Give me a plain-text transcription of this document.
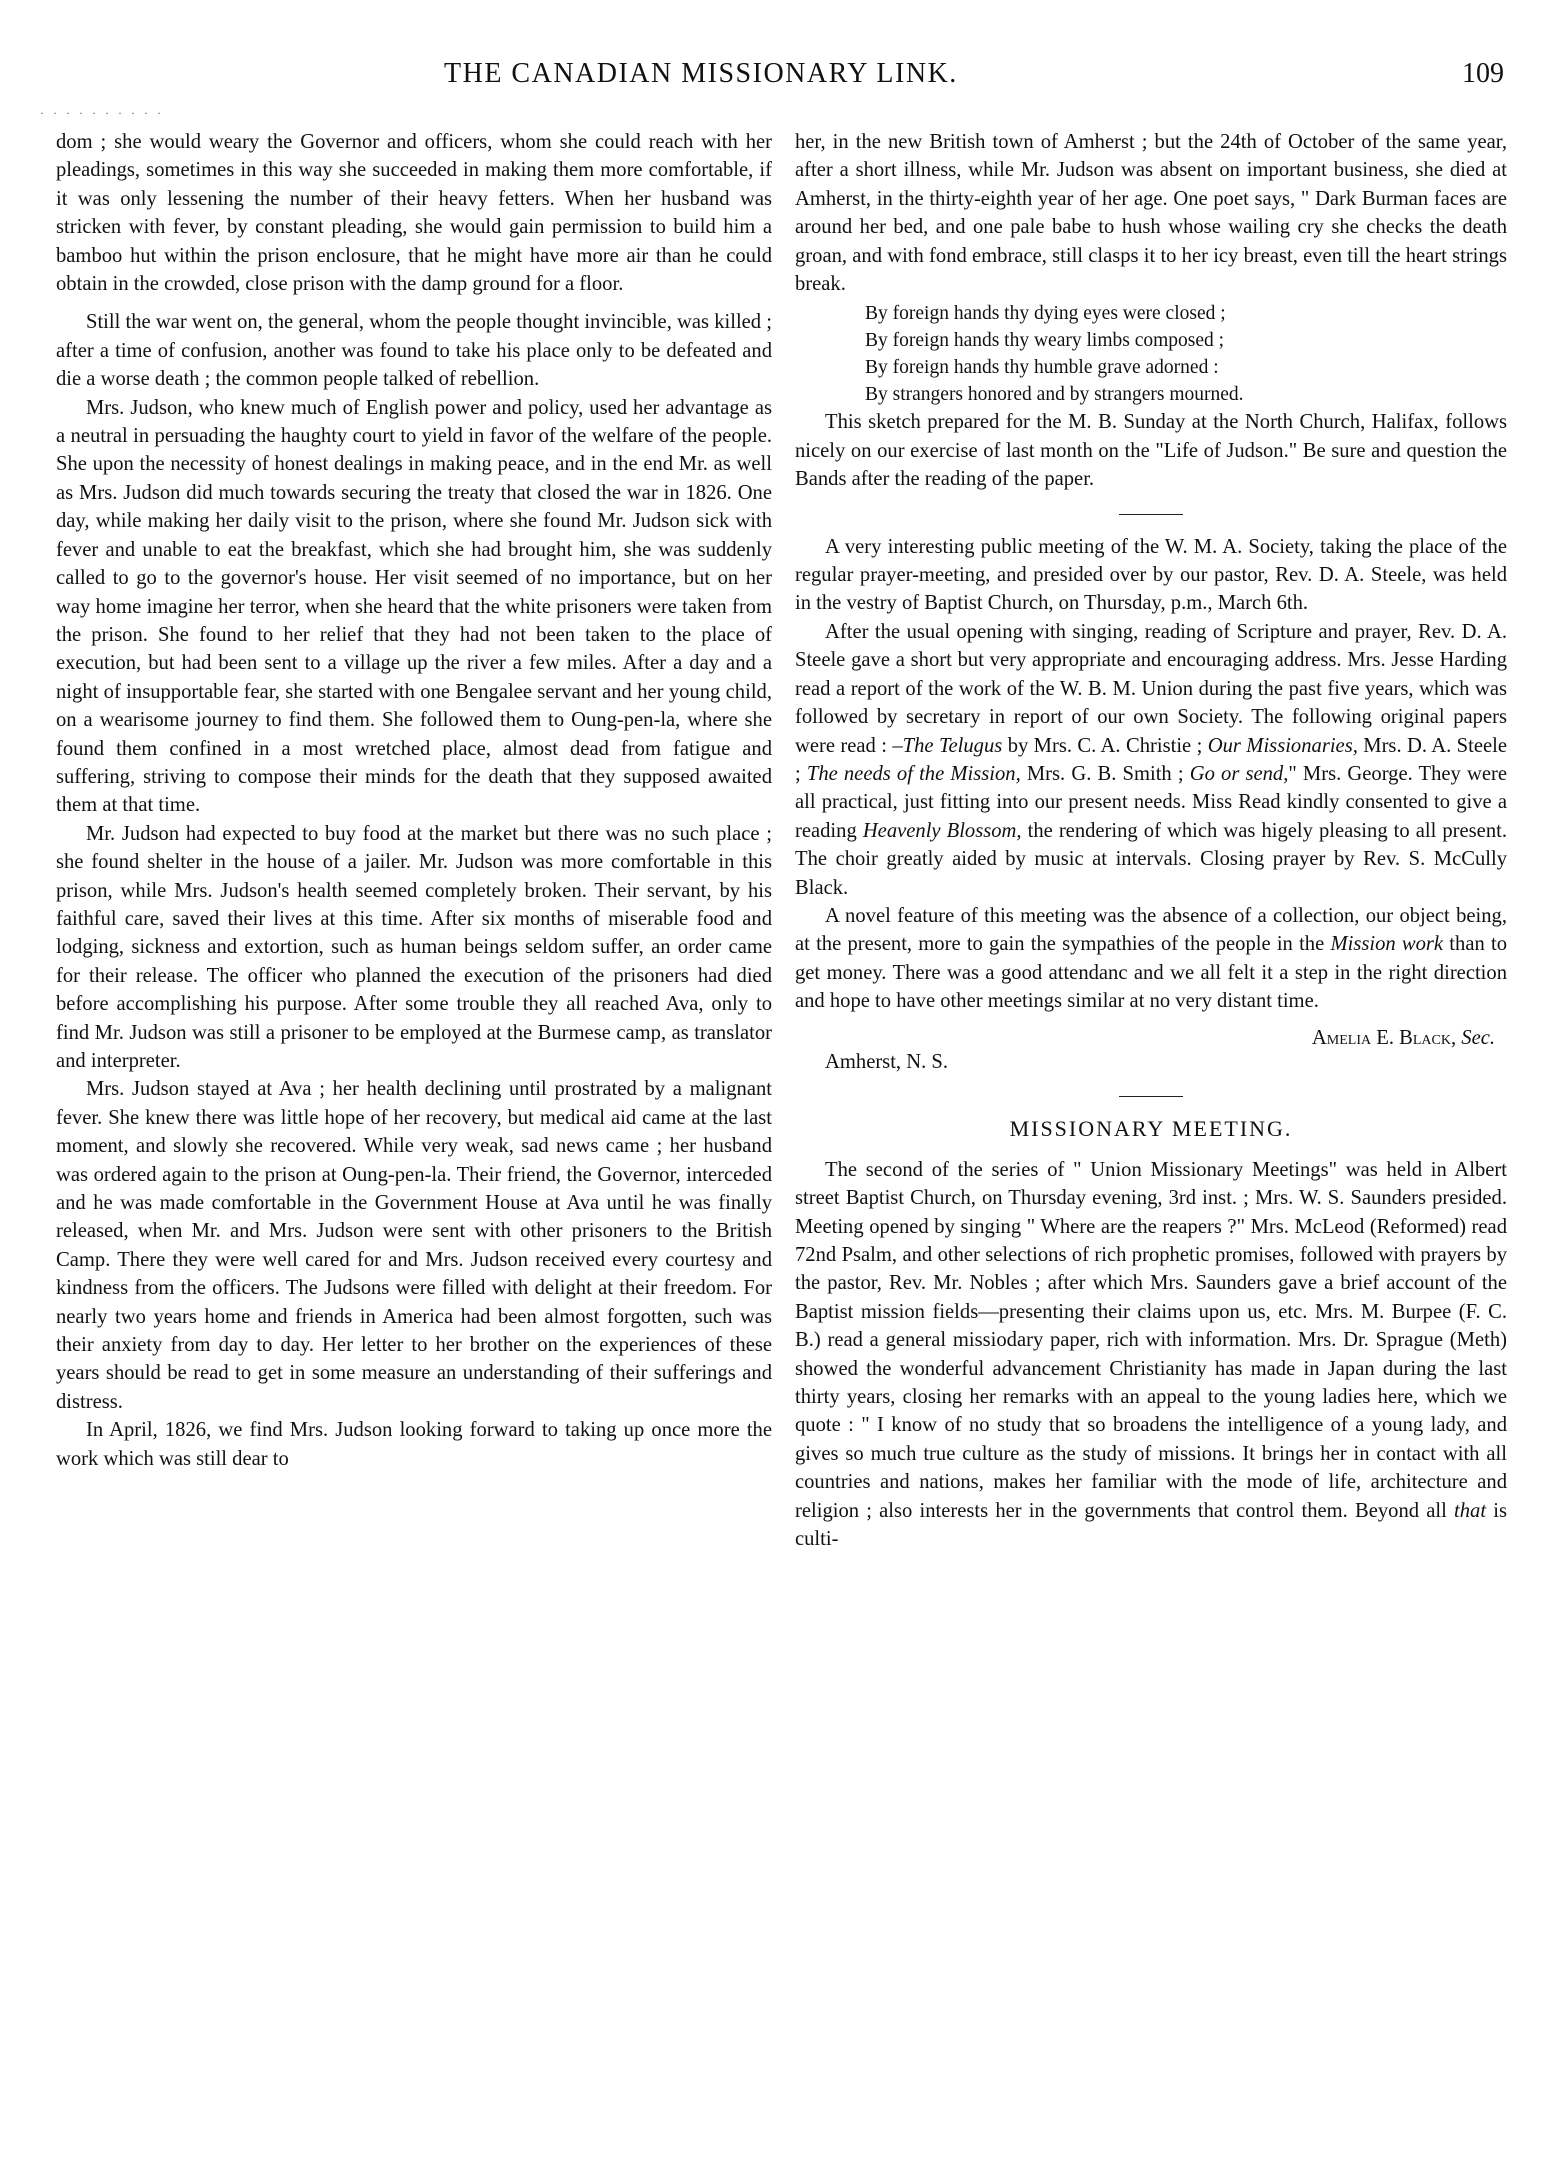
THE CANADIAN MISSIONARY LINK.	109
· · · · · · · · · ·

dom ; she would weary the Governor and officers, whom she could reach with her pleadings, sometimes in this way she succeeded in making them more comfortable, if it was only lessening the number of their heavy fetters. When her husband was stricken with fever, by constant pleading, she would gain permission to build him a bamboo hut within the prison enclosure, that he might have more air than he could obtain in the crowded, close prison with the damp ground for a floor.

Still the war went on, the general, whom the people thought invincible, was killed ; after a time of confusion, another was found to take his place only to be defeated and die a worse death ; the common people talked of rebellion.

Mrs. Judson, who knew much of English power and policy, used her advantage as a neutral in persuading the haughty court to yield in favor of the welfare of the people. She upon the necessity of honest dealings in making peace, and in the end Mr. as well as Mrs. Judson did much towards securing the treaty that closed the war in 1826. One day, while making her daily visit to the prison, where she found Mr. Judson sick with fever and unable to eat the breakfast, which she had brought him, she was suddenly called to go to the governor's house. Her visit seemed of no importance, but on her way home imagine her terror, when she heard that the white prisoners were taken from the prison. She found to her relief that they had not been taken to the place of execution, but had been sent to a village up the river a few miles. After a day and a night of insupportable fear, she started with one Bengalee servant and her young child, on a wearisome journey to find them. She followed them to Oung-pen-la, where she found them confined in a most wretched place, almost dead from fatigue and suffering, striving to compose their minds for the death that they supposed awaited them at that time.

Mr. Judson had expected to buy food at the market but there was no such place ; she found shelter in the house of a jailer. Mr. Judson was more comfortable in this prison, while Mrs. Judson's health seemed completely broken. Their servant, by his faithful care, saved their lives at this time. After six months of miserable food and lodging, sickness and extortion, such as human beings seldom suffer, an order came for their release. The officer who planned the execution of the prisoners had died before accomplishing his purpose. After some trouble they all reached Ava, only to find Mr. Judson was still a prisoner to be employed at the Burmese camp, as translator and interpreter.

Mrs. Judson stayed at Ava ; her health declining until prostrated by a malignant fever. She knew there was little hope of her recovery, but medical aid came at the last moment, and slowly she recovered. While very weak, sad news came ; her husband was ordered again to the prison at Oung-pen-la. Their friend, the Governor, interceded and he was made comfortable in the Government House at Ava until he was finally released, when Mr. and Mrs. Judson were sent with other prisoners to the British Camp. There they were well cared for and Mrs. Judson received every courtesy and kindness from the officers. The Judsons were filled with delight at their freedom. For nearly two years home and friends in America had been almost forgotten, such was their anxiety from day to day. Her letter to her brother on the experiences of these years should be read to get in some measure an understanding of their sufferings and distress.

In April, 1826, we find Mrs. Judson looking forward to taking up once more the work which was still dear to

her, in the new British town of Amherst ; but the 24th of October of the same year, after a short illness, while Mr. Judson was absent on important business, she died at Amherst, in the thirty-eighth year of her age. One poet says, " Dark Burman faces are around her bed, and one pale babe to hush whose wailing cry she checks the death groan, and with fond embrace, still clasps it to her icy breast, even till the heart strings break.

By foreign hands thy dying eyes were closed ;
By foreign hands thy weary limbs composed ;
By foreign hands thy humble grave adorned :
By strangers honored and by strangers mourned.

This sketch prepared for the M. B. Sunday at the North Church, Halifax, follows nicely on our exercise of last month on the "Life of Judson." Be sure and question the Bands after the reading of the paper.

A very interesting public meeting of the W. M. A. Society, taking the place of the regular prayer-meeting, and presided over by our pastor, Rev. D. A. Steele, was held in the vestry of Baptist Church, on Thursday, p.m., March 6th.

After the usual opening with singing, reading of Scripture and prayer, Rev. D. A. Steele gave a short but very appropriate and encouraging address. Mrs. Jesse Harding read a report of the work of the W. B. M. Union during the past five years, which was followed by secretary in report of our own Society. The following original papers were read : –The Telugus by Mrs. C. A. Christie ; Our Missionaries, Mrs. D. A. Steele ; The needs of the Mission, Mrs. G. B. Smith ; Go or send," Mrs. George. They were all practical, just fitting into our present needs. Miss Read kindly consented to give a reading Heavenly Blossom, the rendering of which was higely pleasing to all present. The choir greatly aided by music at intervals. Closing prayer by Rev. S. McCully Black.

A novel feature of this meeting was the absence of a collection, our object being, at the present, more to gain the sympathies of the people in the Mission work than to get money. There was a good attendanc and we all felt it a step in the right direction and hope to have other meetings similar at no very distant time.

Amelia E. Black, Sec.
Amherst, N. S.
MISSIONARY MEETING.

The second of the series of " Union Missionary Meetings" was held in Albert street Baptist Church, on Thursday evening, 3rd inst. ; Mrs. W. S. Saunders presided. Meeting opened by singing " Where are the reapers ?" Mrs. McLeod (Reformed) read 72nd Psalm, and other selections of rich prophetic promises, followed with prayers by the pastor, Rev. Mr. Nobles ; after which Mrs. Saunders gave a brief account of the Baptist mission fields—presenting their claims upon us, etc. Mrs. M. Burpee (F. C. B.) read a general missiodary paper, rich with information. Mrs. Dr. Sprague (Meth) showed the wonderful advancement Christianity has made in Japan during the last thirty years, closing her remarks with an appeal to the young ladies here, which we quote : " I know of no study that so broadens the intelligence of a young lady, and gives so much true culture as the study of missions. It brings her in contact with all countries and nations, makes her familiar with the mode of life, architecture and religion ; also interests her in the governments that control them. Beyond all that is culti-
